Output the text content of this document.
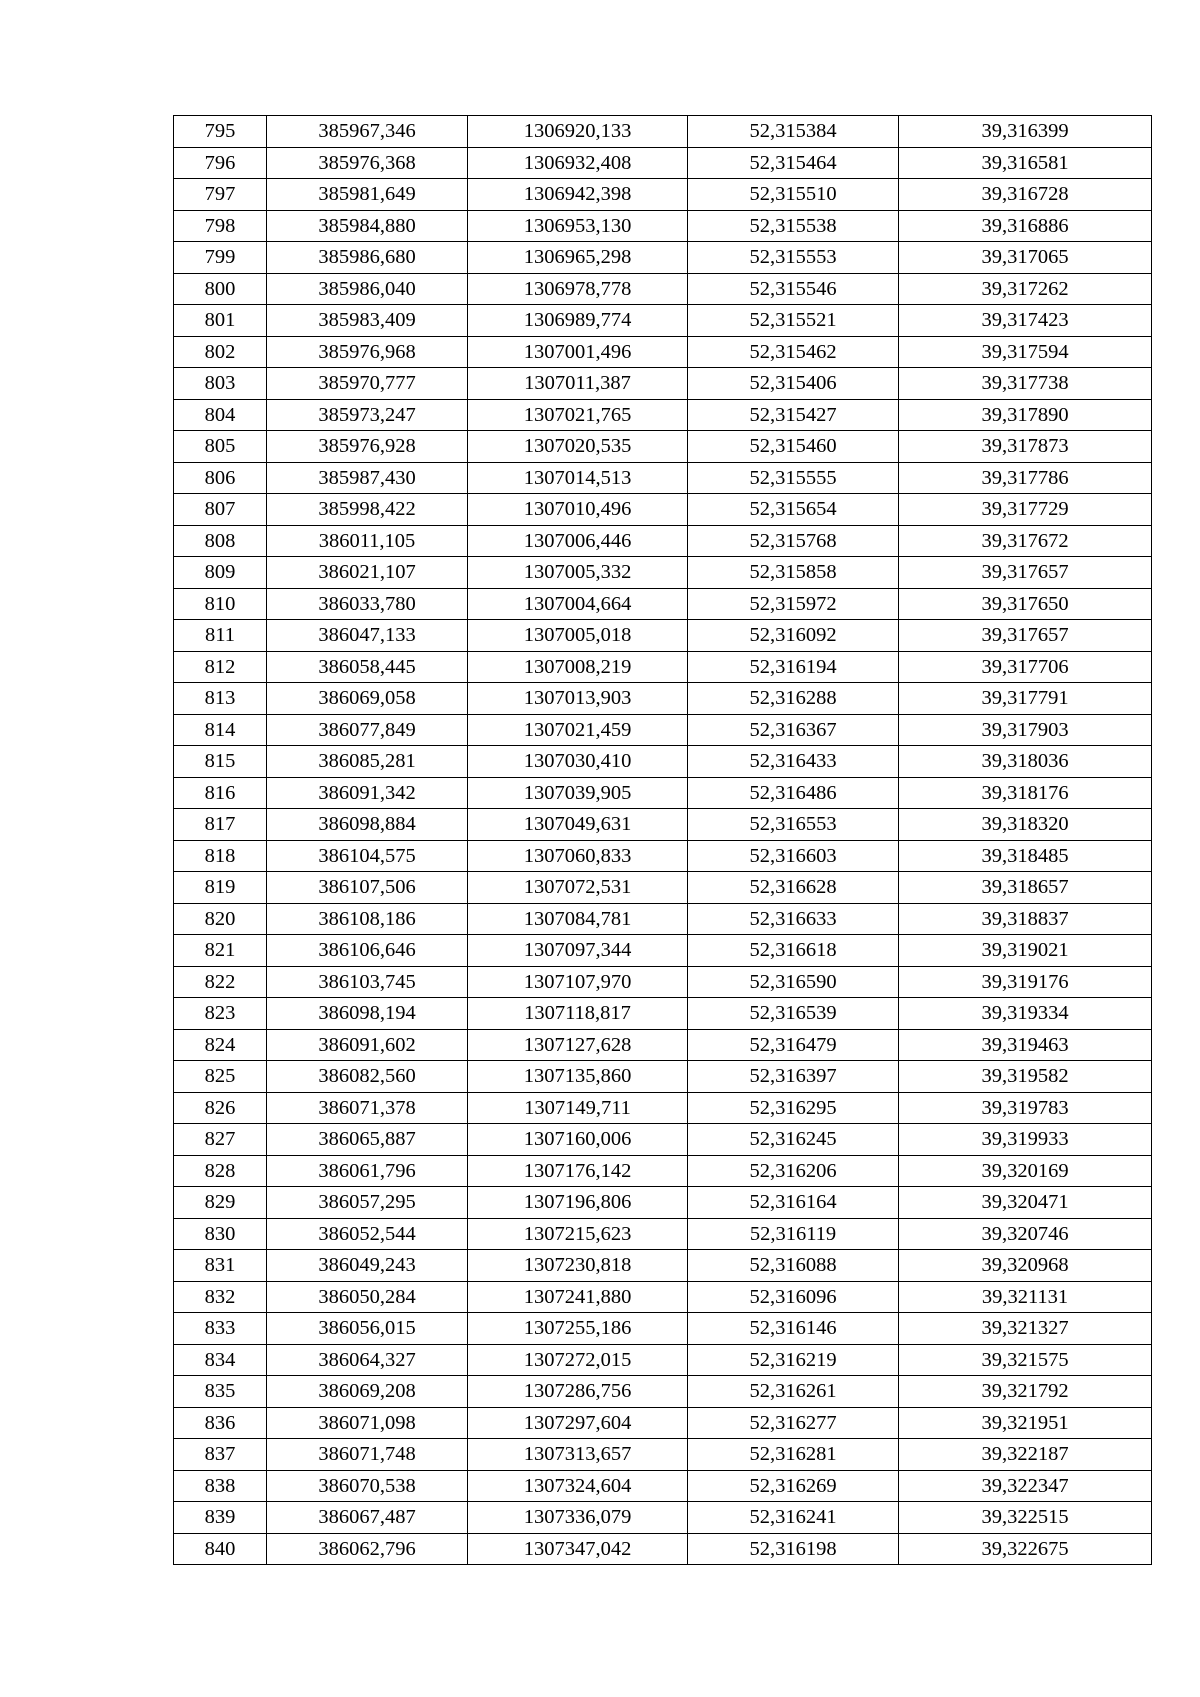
795	385967,346	1306920,133	52,315384	39,316399
796	385976,368	1306932,408	52,315464	39,316581
797	385981,649	1306942,398	52,315510	39,316728
798	385984,880	1306953,130	52,315538	39,316886
799	385986,680	1306965,298	52,315553	39,317065
800	385986,040	1306978,778	52,315546	39,317262
801	385983,409	1306989,774	52,315521	39,317423
802	385976,968	1307001,496	52,315462	39,317594
803	385970,777	1307011,387	52,315406	39,317738
804	385973,247	1307021,765	52,315427	39,317890
805	385976,928	1307020,535	52,315460	39,317873
806	385987,430	1307014,513	52,315555	39,317786
807	385998,422	1307010,496	52,315654	39,317729
808	386011,105	1307006,446	52,315768	39,317672
809	386021,107	1307005,332	52,315858	39,317657
810	386033,780	1307004,664	52,315972	39,317650
811	386047,133	1307005,018	52,316092	39,317657
812	386058,445	1307008,219	52,316194	39,317706
813	386069,058	1307013,903	52,316288	39,317791
814	386077,849	1307021,459	52,316367	39,317903
815	386085,281	1307030,410	52,316433	39,318036
816	386091,342	1307039,905	52,316486	39,318176
817	386098,884	1307049,631	52,316553	39,318320
818	386104,575	1307060,833	52,316603	39,318485
819	386107,506	1307072,531	52,316628	39,318657
820	386108,186	1307084,781	52,316633	39,318837
821	386106,646	1307097,344	52,316618	39,319021
822	386103,745	1307107,970	52,316590	39,319176
823	386098,194	1307118,817	52,316539	39,319334
824	386091,602	1307127,628	52,316479	39,319463
825	386082,560	1307135,860	52,316397	39,319582
826	386071,378	1307149,711	52,316295	39,319783
827	386065,887	1307160,006	52,316245	39,319933
828	386061,796	1307176,142	52,316206	39,320169
829	386057,295	1307196,806	52,316164	39,320471
830	386052,544	1307215,623	52,316119	39,320746
831	386049,243	1307230,818	52,316088	39,320968
832	386050,284	1307241,880	52,316096	39,321131
833	386056,015	1307255,186	52,316146	39,321327
834	386064,327	1307272,015	52,316219	39,321575
835	386069,208	1307286,756	52,316261	39,321792
836	386071,098	1307297,604	52,316277	39,321951
837	386071,748	1307313,657	52,316281	39,322187
838	386070,538	1307324,604	52,316269	39,322347
839	386067,487	1307336,079	52,316241	39,322515
840	386062,796	1307347,042	52,316198	39,322675
